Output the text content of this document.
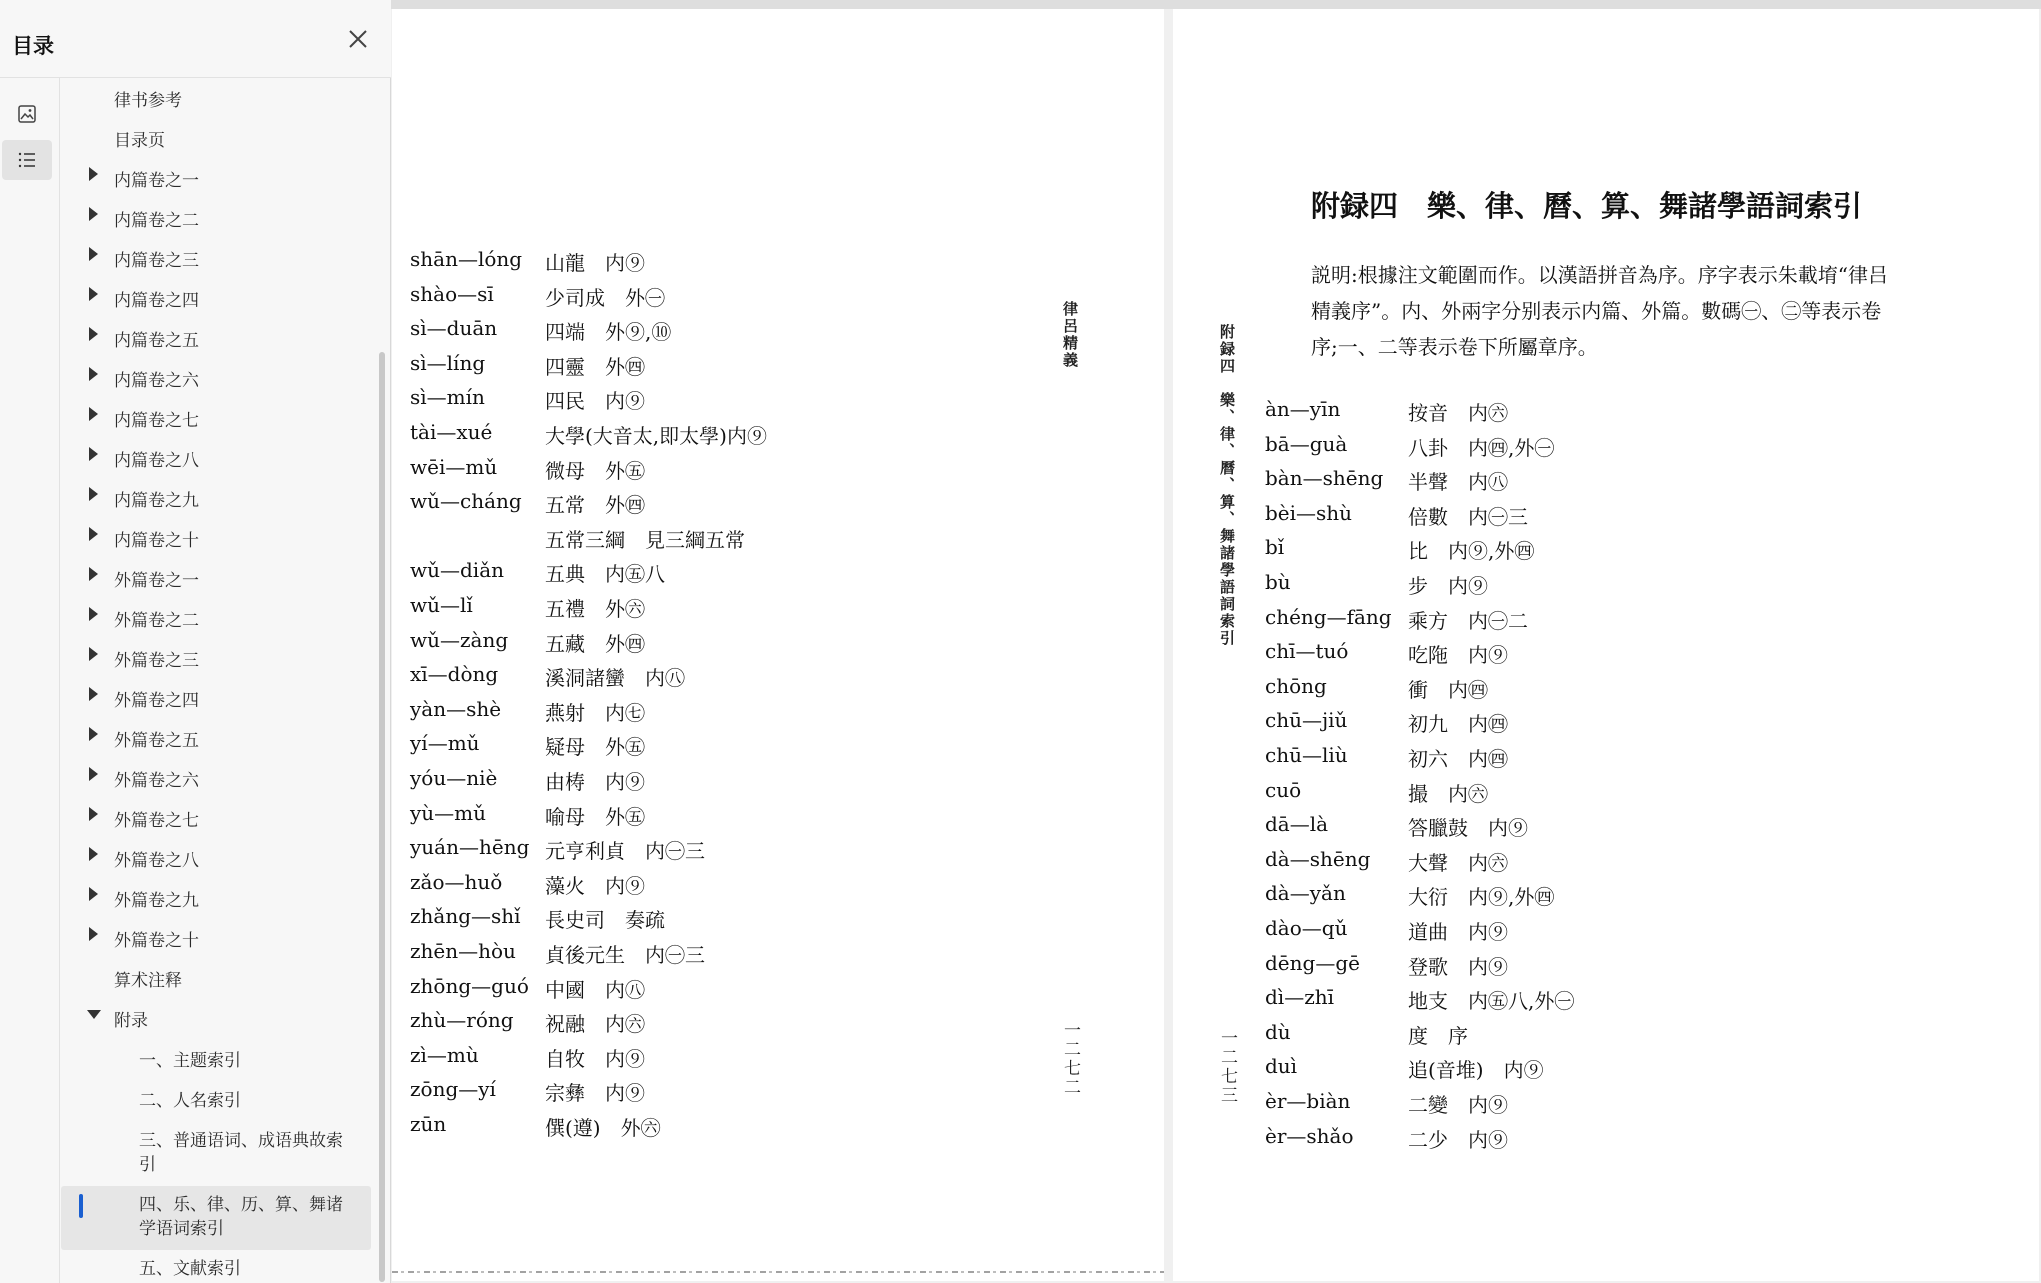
目录
律书参考
目录页
内篇卷之一
内篇卷之二
内篇卷之三
内篇卷之四
内篇卷之五
内篇卷之六
内篇卷之七
内篇卷之八
内篇卷之九
内篇卷之十
外篇卷之一
外篇卷之二
外篇卷之三
外篇卷之四
外篇卷之五
外篇卷之六
外篇卷之七
外篇卷之八
外篇卷之九
外篇卷之十
算术注释
附录
一、主题索引
二、人名索引
三、普通语词、成语典故索引
四、乐、律、历、算、舞诸学语词索引
五、文献索引
shān—lóng 山龍　内⑨
shào—sī	少司成　外㊀
sì—duān 四端　外⑨,⑩
sì—líng	四靈　外㊃
sì—mín	四民　内⑨
tài—xué	大學(大音太,即太學)内⑨
wēi—mǔ 微母　外㊄
wǔ—cháng 五常　外㊃
五常三綱　見三綱五常
wǔ—diǎn 五典　内㊄八
wǔ—lǐ	五禮　外㊅
wǔ—zàng 五藏　外㊃
xī—dòng 溪洞諸蠻　内㊇
yàn—shè 燕射　内㊆
yí—mǔ	疑母　外㊄
yóu—niè 由梼　内⑨
yù—mǔ	喻母　外㊄
yuán—hēng 元亨利貞　内㊀三
zǎo—huǒ 藻火　内⑨
zhǎng—shǐ 長史司　奏疏
zhēn—hòu 貞後元生　内㊀三
zhōng—guó 中國　内㊇
zhù—róng 祝融　内㊅
zì—mù	自牧　内⑨
zōng—yí 宗彝　内⑨
zūn	僎(遵)　外㊅
律呂精義
一二七二
附録四　樂、律、曆、算、舞諸學語詞索引
附録四　樂、律、曆、算、舞諸學語詞索引
説明:根據注文範圍而作。以漢語拼音為序。序字表示朱載堉“律吕精義序”。内、外兩字分别表示内篇、外篇。數碼㊀、㊁等表示卷序;一、二等表示卷下所屬章序。
àn—yīn	按音　内㊅
bā—guà	八卦　内㊃,外㊀
bàn—shēng 半聲　内㊇
bèi—shù	倍數　内㊀三
bǐ	比　内⑨,外㊃
bù	步　内⑨
chéng—fāng 乘方　内㊀二
chī—tuó	吃陁　内⑨
chōng	衝　内㊃
chū—jiǔ	初九　内㊃
chū—liù	初六　内㊃
cuō	撮　内㊅
dā—là	答臘鼓　内⑨
dà—shēng 大聲　内㊅
dà—yǎn	大衍　内⑨,外㊃
dào—qǔ	道曲　内⑨
dēng—gē 登歌　内⑨
dì—zhī	地支　内㊄八,外㊀
dù	度　序
duì	追(音堆)　内⑨
èr—biàn	二變　内⑨
èr—shǎo	二少　内⑨
一二七三
